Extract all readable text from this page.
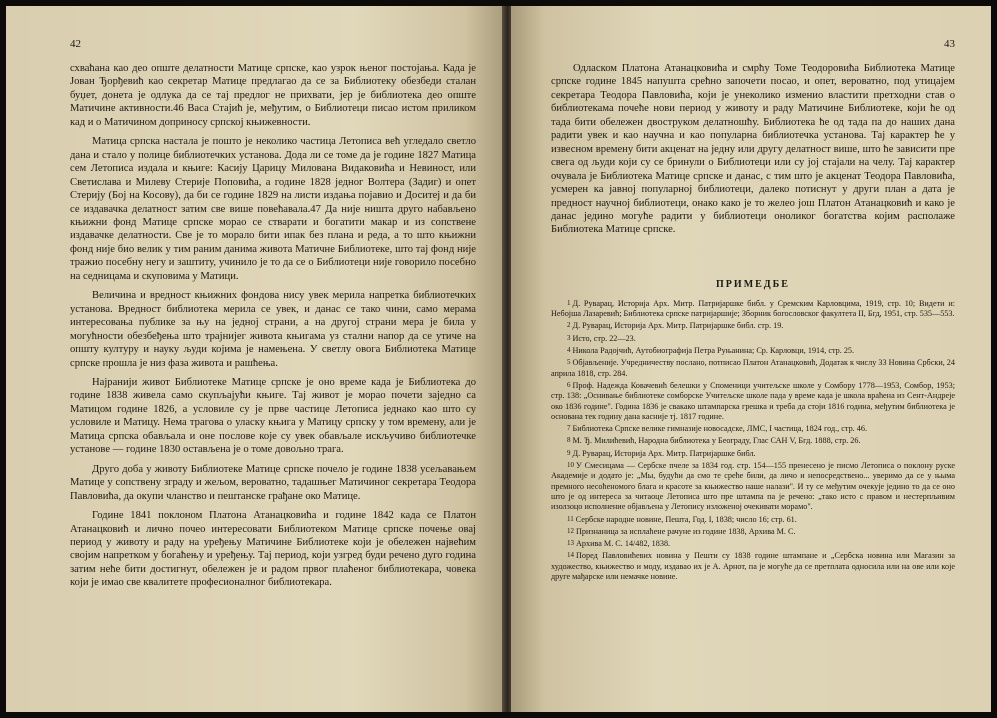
42

схваћана као део опште делатности Матице српске, као узрок њеног постојања. Када је Јован Ђорђевић као секретар Матице предлагао да се за Библиотеку обезбеди сталан буџет, донета је одлука да се тај предлог не прихвати, јер је библиотека део опште Матичине активности.46 Васа Стајић је, међутим, о Библиотеци писао истом приликом кад и о Матичином доприносу српској књижевности.

Матица српска настала је пошто је неколико частица Летописа већ угледало светло дана и стало у полице библиотечких установа. Дода ли се томе да је године 1827 Матица сем Летописа издала и књиге: Касију Царицу Милована Видаковића и Невиност, или Светислава и Милеву Стерије Поповића, а године 1828 једног Волтера (Задиг) и опет Стерију (Бој на Косову), да би се године 1829 на листи издања појавио и Доситеј и да би се издавачка делатност затим све више повећавала.47 Да није ништа друго набављено књижни фонд Матице српске морао се стварати и богатити макар и из сопствене издавачке делатности. Све је то морало бити ипак без плана и реда, а то што књижни фонд није био велик у тим раним данима живота Матичне Библиотеке, што тај фонд није тражио посебну негу и заштиту, учинило је то да се о Библиотеци није говорило посебно на седницама и скуповима у Матици.

Величина и вредност књижних фондова нису увек мерила напретка библиотечких установа. Вредност библиотека мерила се увек, и данас се тако чини, само мерама интересовања публике за њу на једној страни, а на другој страни мера је била у могућности обезбеђења што трајнијег живота књигама уз стални напор да се утиче на општу културу и науку људи којима је намењена. У светлу овога Библиотека Матице српске прошла је низ фаза живота и рашћења.

Најранији живот Библиотеке Матице српске је оно време када је Библиотека до године 1838 живела само скупљајући књиге. Тај живот је морао почети заједно са Матицом године 1826, а условиле су је прве частице Летописа једнако као што су условиле и Матицу. Нема трагова о уласку књига у Матицу српску у том времену, али је Матица српска обављала и оне послове које су увек обављале искључиво библиотечке установе — године 1830 остављена је о томе довољно трага.

Друго доба у животу Библиотеке Матице српске почело је године 1838 усељавањем Матице у сопствену зграду и жељом, вероватно, тадашњег Матичиног секретара Теодора Павловића, да окупи чланство и пештанске грађане око Матице.

Године 1841 поклоном Платона Атанацковића и године 1842 када се Платон Атанацковић и лично почео интересовати Библиотеком Матице српске почење овај период у животу и раду на уређењу Матичине Библиотеке који је обележен највећим својим напретком у богаћењу и уређењу. Тај период, који узгред буди речено дуго година затим неће бити достигнут, обележен је и радом првог плаћеног библиотекара, човека који је имао све квалитете професионалног библиотекара.

43

Одласком Платона Атанацковића и смрћу Томе Теодоровића Библиотека Матице српске године 1845 напушта срећно започети посао, и опет, вероватно, под утицајем секретара Теодора Павловића, који је унеколико изменио властити претходни став о библиотекама почеће нови период у животу и раду Матичине Библиотеке, који ће од тада бити обележен двоструком делатношћу. Библиотека ће од тада па до наших дана радити увек и као научна и као популарна библиотечка установа. Тај карактер ће у извесном времену бити акценат на једну или другу делатност више, што ће зависити пре свега од људи који су се бринули о Библиотеци или су јој стајали на челу. Тај карактер очувала је Библиотека Матице српске и данас, с тим што је акценат Теодора Павловића, усмерен ка јавној популарној библиотеци, далеко потиснут у други план а дата је предност научној библиотеци, онако како је то желео још Платон Атанацковић и како је данас једино могуће радити у библиотеци оноликог богатства којим располаже Библиотека Матице српске.

ПРИМЕДБЕ

1 Д. Руварац, Историја Арх. Митр. Патријаршке библ. у Сремским Карловцима, 1919, стр. 10; Видети и: Небојша Лазаревић; Библиотека српске патријаршије; Зборник богословског факултета II, Бгд, 1951, стр. 535—553.

2 Д. Руварац, Историја Арх. Митр. Патријаршке библ. стр. 19.

3 Исто, стр. 22—23.

4 Никола Радојчић, Аутобиографија Петра Руњанина; Ср. Карловци, 1914, стр. 25.

5 Објављеније. Учредничеству послано, потписао Платон Атанацковић, Додатак к числу 33 Новина Србски, 24 априла 1818, стр. 284.

6 Проф. Надежда Ковачевић белешки у Споменици учитељске школе у Сомбору 1778—1953, Сомбор, 1953; стр. 138: „Оснивање библиотеке сомборске Учитељске школе пада у време када је школа враћена из Сент-Андреје око 1836 године". Година 1836 је свакако штампарска грешка и треба да стоји 1816 година, међутим библиотека је основана тек годину дана касније тј. 1817 године.

7 Библиотека Српске велике гимназије новосадске, ЛМС, I частица, 1824 год., стр. 46.

8 М. Ђ. Милићевић, Народна библиотека у Београду, Глас САН V, Бгд. 1888, стр. 26.

9 Д. Руварац, Историја Арх. Митр. Патријаршке библ.

10 У Смесицама — Сербске пчеле за 1834 год. стр. 154—155 пренесено је писмо Летописа о поклону руске Академије и додато је: „Мы, будући да смо те среће били, да личо и непосредствено... уверимо да се у њыма премного несоћеномого блага и красоте за књижество наше налази". И ту се међутим очекује једино то да се оно што је од интереса за читаоце Летописа што пре штампа па је речено: „тако исто с правом и нестерпљивим изолзоцо исполнение објављена у Летопису изложеној очекивати морамо".

11 Сербске народне новине, Пешта, Год. I, 1838; число 16; стр. 61.

12 Признаница за исплаћене рачуне из године 1838, Архива М. С.

13 Архива М. С. 14/482, 1838.

14 Поред Павловићевих новина у Пешти су 1838 године штампане и „Сербска новина или Магазин за художество, књижество и моду, издавао их је А. Арнот, па је могуће да се претплата односила или на ове или које друге мађарске или немачке новине.
